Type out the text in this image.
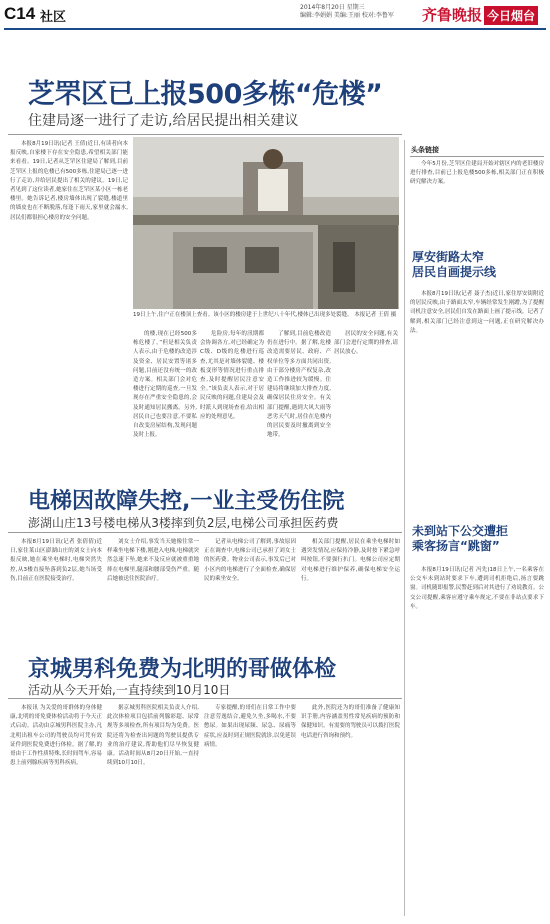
C14 社区
2014年8月20日 星期三
编辑:李娟娟 美编:王丽 校对:李鲁军	齐鲁晚报 今日烟台
芝罘区已上报500多栋“危楼”
住建局逐一进行了走访,给居民提出相关建议

本报8月19日讯(记者 王倩)近日,有读者向本报反映,自家楼下存在安全隐患,希望相关部门能来看看。19日,记者从芝罘区住建局了解到,目前芝罘区上报的危楼已有500多栋,住建局已逐一进行了走访,并给居民提出了相关的建议。19日,记者见到了这位读者,她家住在芝罘区某小区一栋老楼里。她告诉记者,楼房墙体出现了裂缝,楼道里的墙皮也在不断脱落,每逢下雨天,家里就会漏水,居民们都很担心楼房的安全问题。

19日上午,住户正在楼顶上查看。该小区的楼房建于上世纪八十年代,楼体已出现多处裂缝。 本报记者 王倩 摄

的楼,现在已经500多栋危楼了。”但是相关负责人表示,由于危楼的改造涉及资金、居民安置等诸多问题,目前还没有统一的改造方案。相关部门会对危楼进行定期的巡查,一旦发现存在严重安全隐患的,会及时通知居民搬离。另外,居民自己也要注意,不要私自改变房屋结构,发现问题及时上报。

危险房,每年的汛期都会协调各方,对已经确定为C级、D级的危楼进行巡查,尤其是对墙体裂缝、楼板变形等情况进行重点排查,及时提醒居民注意安全。”该负责人表示,对于居民反映的问题,住建局会及时派人到现场查看,给出相应的处理意见。

了解到,目前危楼改造仍在进行中。据了解,危楼改造需要居民、政府、产权单位等多方面共同出资,由于部分楼房产权复杂,改造工作推进较为缓慢。住建局将继续加大排查力度,确保居民住房安全。有关部门提醒,遇到大风大雨等恶劣天气时,居住在危楼内的居民要及时撤离到安全地带。

居民的安全问题,有关部门会进行定期的排查,请居民放心。

头条链接

今年5月份,芝罘区住建局开始对辖区内的老旧楼房进行排查,目前已上报危楼500多栋,相关部门正在积极研究解决方案。

厚安街路太窄
居民自画提示线

本报8月19日讯(记者 聂子杰)近日,家住厚安街附近的居民反映,由于路面太窄,车辆经常发生剐蹭,为了提醒司机注意安全,居民们自发在路面上画了提示线。记者了解到,相关部门已经注意到这一问题,正在研究解决办法。

未到站下公交遭拒
乘客扬言“跳窗”

本报8月19日讯(记者 冯先)18日上午,一名乘客在公交车未到站时要求下车,遭到司机拒绝后,扬言要跳窗。司机随即报警,民警赶到后对其进行了劝说教育。公交公司提醒,乘客应遵守乘车规定,不要在非站点要求下车。

电梯因故障失控,一业主受伤住院
澎湖山庄13号楼电梯从3楼摔到负2层,电梯公司承担医药费

本报8月19日讯(记者 张倩倩)近日,家住莱山区澎湖山庄的刘女士向本报反映,她在乘坐电梯时,电梯突然失控,从3楼直接坠落到负2层,她当场受伤,目前正在医院接受治疗。

刘女士介绍,事发当天她像往常一样乘坐电梯下楼,刚进入电梯,电梯就突然急速下坠,她来不及反应就被重重地摔在电梯里,腿部和腰部受伤严重。随后她被送往医院治疗。

记者从电梯公司了解到,事故原因正在调查中,电梯公司已承担了刘女士的医药费。物业公司表示,事发后已对小区内的电梯进行了全面检查,确保居民的乘坐安全。

相关部门提醒,居民在乘坐电梯时如遇突发情况,应保持冷静,及时按下紧急呼叫按钮,不要强行扒门。电梯公司应定期对电梯进行维护保养,确保电梯安全运行。

京城男科免费为北明的哥做体检
活动从今天开始,一直持续到10月10日

本报讯 为关爱的哥群体的身体健康,北明的哥免费体检活动将于今天正式启动。活动由京城男科医院主办,凡北明出租车公司的驾驶员均可凭有效证件到医院免费进行体检。据了解,的哥由于工作性质特殊,长时间驾车,容易患上前列腺疾病等男科疾病。

据京城男科医院相关负责人介绍,此次体检项目包括前列腺彩超、尿常规等多项检查,所有项目均为免费。医院还将为检查出问题的驾驶员提供专业的治疗建议,帮助他们尽早恢复健康。活动时间从8月20日开始,一直持续到10月10日。

专家提醒,的哥们在日常工作中要注意劳逸结合,避免久坐,多喝水,不要憋尿。如果出现尿频、尿急、尿痛等症状,应及时到正规医院就诊,以免延误病情。

此外,医院还为的哥们准备了健康知识手册,内容涵盖男性常见疾病的预防和保健知识。有需要的驾驶员可以拨打医院电话进行咨询和预约。
